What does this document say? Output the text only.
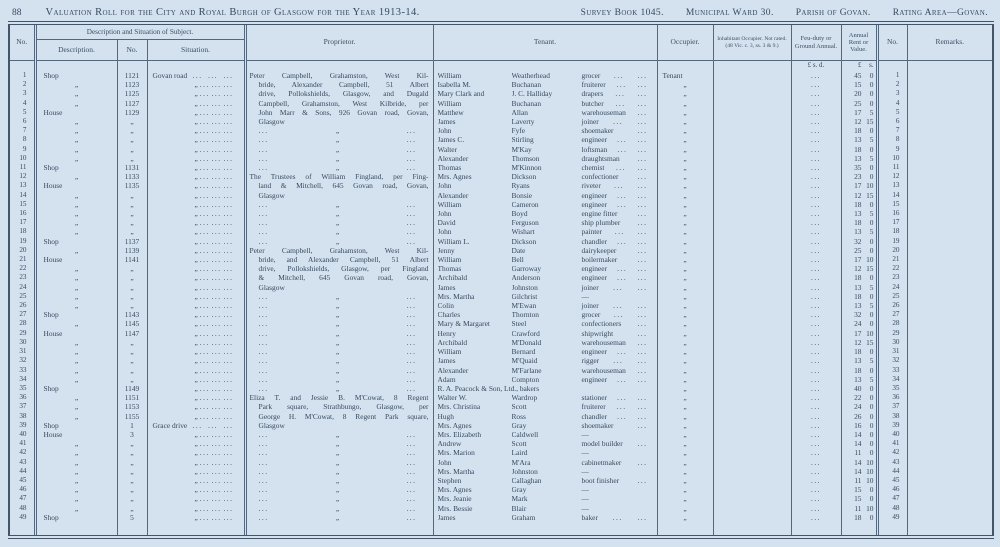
88 Valuation Roll for the City and Royal Burgh of Glasgow for the Year 1913-14.	Survey Book 1045. Municipal Ward 30. Parish of Govan. Rating Area—Govan.
No.	Description and Situation of Subject.			Proprietor.	Tenant.	Occupier.	Inhabitant Occupier. Not rated. (48 Vic. c. 3, ss. 3 & 9.)	Feu-duty or Ground Annual.	Annual Rent or Value.	No.	Remarks.
	Description.	No.	Situation.								
								£ s. d.	£ s.		

1	Shop	1121	Govan road ... ... ...	Peter Campbell, Grahamston, West Kil-	William Weatherhead grocer ... ...	Tenant		...	45 0	1	
2	„	1123	„ ... ... ...	bride, Alexander Campbell, 51 Albert	Isabella M. Buchanan fruiterer ... ...	„		...	15 0	2	
3	„	1125	„ ... ... ...	drive, Pollokshields, Glasgow, and Dugald	Mary Clark and J. C. Halliday drapers ... ...	„		...	20 0	3	
4	„	1127	„ ... ... ...	Campbell, Grahamston, West Kilbride, per	William Buchanan butcher ... ...	„		...	25 0	4	
5	House	1129	„ ... ... ...	John Marr & Sons, 926 Govan road, Govan,	Matthew Allan warehouseman ...	„		...	17 5	5	
6	„	„	„ ... ... ...	Glasgow	James Laverty joiner ... ...	„		...	12 15	6	
7	„	„	„ ... ... ...	... „ ...	John Fyfe shoemaker ...	„		...	18 0	7	
8	„	„	„ ... ... ...	... „ ...	James C. Stirling engineer ... ...	„		...	13 5	8	
9	„	„	„ ... ... ...	... „ ...	Walter M'Kay loftsman ... ...	„		...	18 0	9	
10	„	„	„ ... ... ...	... „ ...	Alexander Thomson draughtsman ...	„		...	13 5	10	
11	Shop	1131	„ ... ... ...	... „ ...	Thomas M'Kinnon chemist ... ...	„		...	35 0	11	
12	„	1133	„ ... ... ...	The Trustees of William Fingland, per Fing-	Mrs. Agnes Dickson confectioner ...	„		...	23 0	12	
13	House	1135	„ ... ... ...	land & Mitchell, 645 Govan road, Govan,	John Ryans riveter ... ...	„		...	17 10	13	
14	„	„	„ ... ... ...	Glasgow	Alexander Bonsie engineer ... ...	„		...	12 15	14	
15	„	„	„ ... ... ...	... „ ...	William Cameron engineer ... ...	„		...	18 0	15	
16	„	„	„ ... ... ...	... „ ...	John Boyd engine fitter ...	„		...	13 5	16	
17	„	„	„ ... ... ...	... „ ...	David Ferguson ship plumber ...	„		...	18 0	17	
18	„	„	„ ... ... ...	... „ ...	John Wishart painter ... ...	„		...	13 5	18	
19	Shop	1137	„ ... ... ...	... „ ...	William L. Dickson chandler ... ...	„		...	32 0	19	
20	„	1139	„ ... ... ...	Peter Campbell, Grahamston, West Kil-	Jenny Date dairykeeper ...	„		...	25 0	20	
21	House	1141	„ ... ... ...	bride, and Alexander Campbell, 51 Albert	William Bell boilermaker ...	„		...	17 10	21	
22	„	„	„ ... ... ...	drive, Pollokshields, Glasgow, per Fingland	Thomas Garroway engineer ... ...	„		...	12 15	22	
23	„	„	„ ... ... ...	& Mitchell, 645 Govan road, Govan,	Archibald Anderson engineer ... ...	„		...	18 0	23	
24	„	„	„ ... ... ...	Glasgow	James Johnston joiner ... ...	„		...	13 5	24	
25	„	„	„ ... ... ...	... „ ...	Mrs. Martha Gilchrist —	„		...	18 0	25	
26	„	„	„ ... ... ...	... „ ...	Colin M'Ewan joiner ... ...	„		...	13 5	26	
27	Shop	1143	„ ... ... ...	... „ ...	Charles Thornton grocer ... ...	„		...	32 0	27	
28	„	1145	„ ... ... ...	... „ ...	Mary & Margaret Steel confectioners ...	„		...	24 0	28	
29	House	1147	„ ... ... ...	... „ ...	Henry Crawford shipwright ...	„		...	17 10	29	
30	„	„	„ ... ... ...	... „ ...	Archibald M'Donald warehouseman ...	„		...	12 15	30	
31	„	„	„ ... ... ...	... „ ...	William Bernard engineer ... ...	„		...	18 0	31	
32	„	„	„ ... ... ...	... „ ...	James M'Quaid rigger ... ...	„		...	13 5	32	
33	„	„	„ ... ... ...	... „ ...	Alexander M'Farlane warehouseman ...	„		...	18 0	33	
34	„	„	„ ... ... ...	... „ ...	Adam Compton engineer ... ...	„		...	13 5	34	
35	Shop	1149	„ ... ... ...	... „ ...	R. A. Peacock & Son, Ltd., bakers	„		...	40 0	35	
36	„	1151	„ ... ... ...	Eliza T. and Jessie B. M'Cowat, 8 Regent	Walter W. Wardrop stationer ... ...	„		...	22 0	36	
37	„	1153	„ ... ... ...	Park square, Strathbungo, Glasgow, per	Mrs. Christina Scott fruiterer ... ...	„		...	24 0	37	
38	„	1155	„ ... ... ...	George H. M'Cowat, 8 Regent Park square,	Hugh Ross chandler ... ...	„		...	26 0	38	
39	Shop	1	Grace drive ... ... ...	Glasgow	Mrs. Agnes Gray shoemaker ...	„		...	16 0	39	
40	House	3	„ ... ... ...	... „ ...	Mrs. Elizabeth Caldwell —	„		...	14 0	40	
41	„	„	„ ... ... ...	... „ ...	Andrew Scott model builder ...	„		...	14 0	41	
42	„	„	„ ... ... ...	... „ ...	Mrs. Marion Laird —	„		...	11 0	42	
43	„	„	„ ... ... ...	... „ ...	John M'Ara cabinetmaker ...	„		...	14 10	43	
44	„	„	„ ... ... ...	... „ ...	Mrs. Martha Johnston —	„		...	14 10	44	
45	„	„	„ ... ... ...	... „ ...	Stephen Callaghan boot finisher ...	„		...	11 10	45	
46	„	„	„ ... ... ...	... „ ...	Mrs. Agnes Gray —	„		...	15 0	46	
47	„	„	„ ... ... ...	... „ ...	Mrs. Jeanie Mark —	„		...	15 0	47	
48	„	„	„ ... ... ...	... „ ...	Mrs. Bessie Blair —	„		...	11 10	48	
49	Shop	5	„ ... ... ...	... „ ...	James Graham baker ... ...	„		...	18 0	49	
